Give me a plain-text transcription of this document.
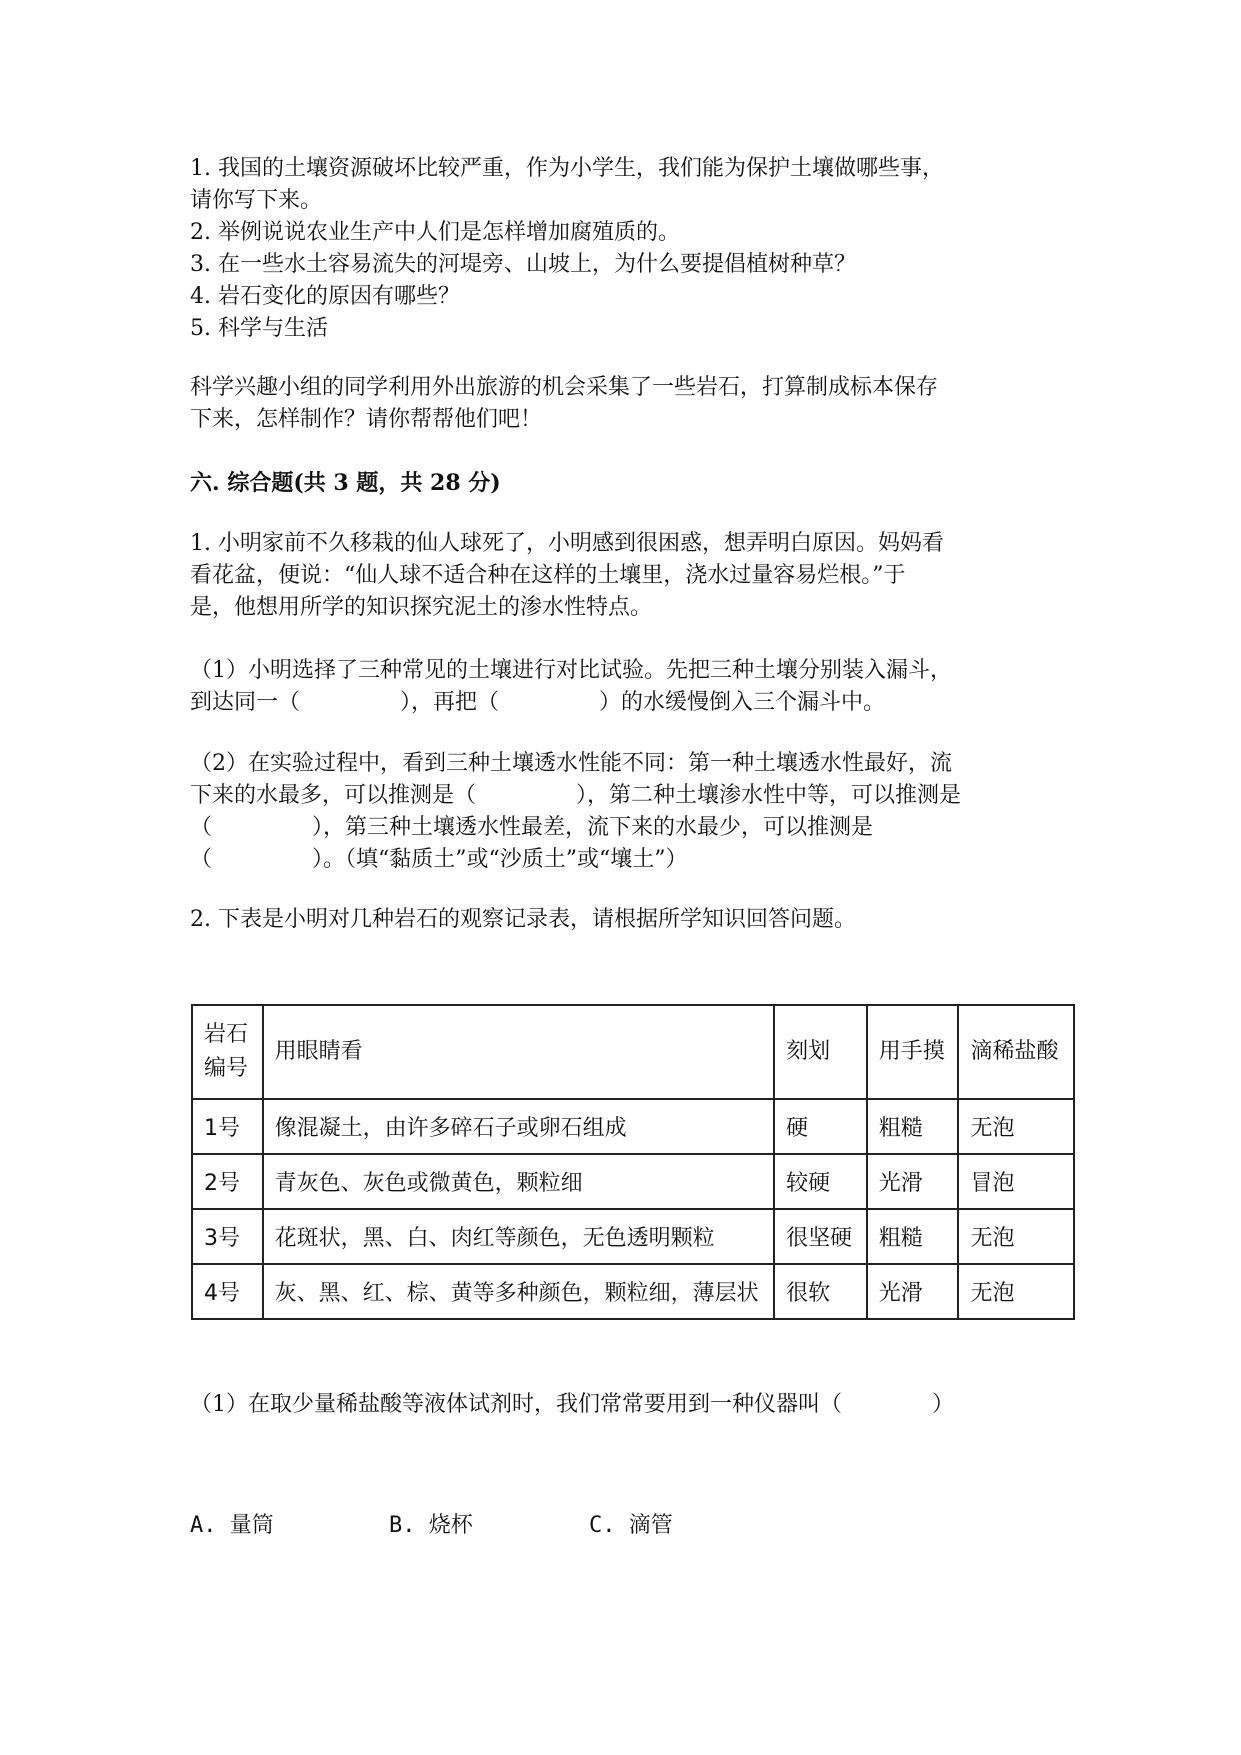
1. 我国的土壤资源破坏比较严重，作为小学生，我们能为保护土壤做哪些事，
请你写下来。
2. 举例说说农业生产中人们是怎样增加腐殖质的。
3. 在一些水土容易流失的河堤旁、山坡上，为什么要提倡植树种草？
4. 岩石变化的原因有哪些？
5. 科学与生活
科学兴趣小组的同学利用外出旅游的机会采集了一些岩石，打算制成标本保存
下来，怎样制作？请你帮帮他们吧！
六. 综合题(共 3 题，共 28 分)
1. 小明家前不久移栽的仙人球死了，小明感到很困惑，想弄明白原因。妈妈看
看花盆，便说：“仙人球不适合种在这样的土壤里，浇水过量容易烂根。”于
是，他想用所学的知识探究泥土的渗水性特点。
（1）小明选择了三种常见的土壤进行对比试验。先把三种土壤分别装入漏斗，
到达同一（	），再把（	）的水缓慢倒入三个漏斗中。
（2）在实验过程中，看到三种土壤透水性能不同：第一种土壤透水性最好，流
下来的水最多，可以推测是（	），第二种土壤渗水性中等，可以推测是
（	），第三种土壤透水性最差，流下来的水最少，可以推测是
（	）。（填“黏质土”或“沙质土”或“壤土”）
2. 下表是小明对几种岩石的观察记录表，请根据所学知识回答问题。
岩石
编号	用眼睛看	刻划	用手摸	滴稀盐酸
1号	像混凝土，由许多碎石子或卵石组成	硬	粗糙	无泡
2号	青灰色、灰色或微黄色，颗粒细	较硬	光滑	冒泡
3号	花斑状，黑、白、肉红等颜色，无色透明颗粒	很坚硬	粗糙	无泡
4号	灰、黑、红、棕、黄等多种颜色，颗粒细，薄层状	很软	光滑	无泡
（1）在取少量稀盐酸等液体试剂时，我们常常要用到一种仪器叫（	）
A. 量筒	B. 烧杯	C. 滴管
